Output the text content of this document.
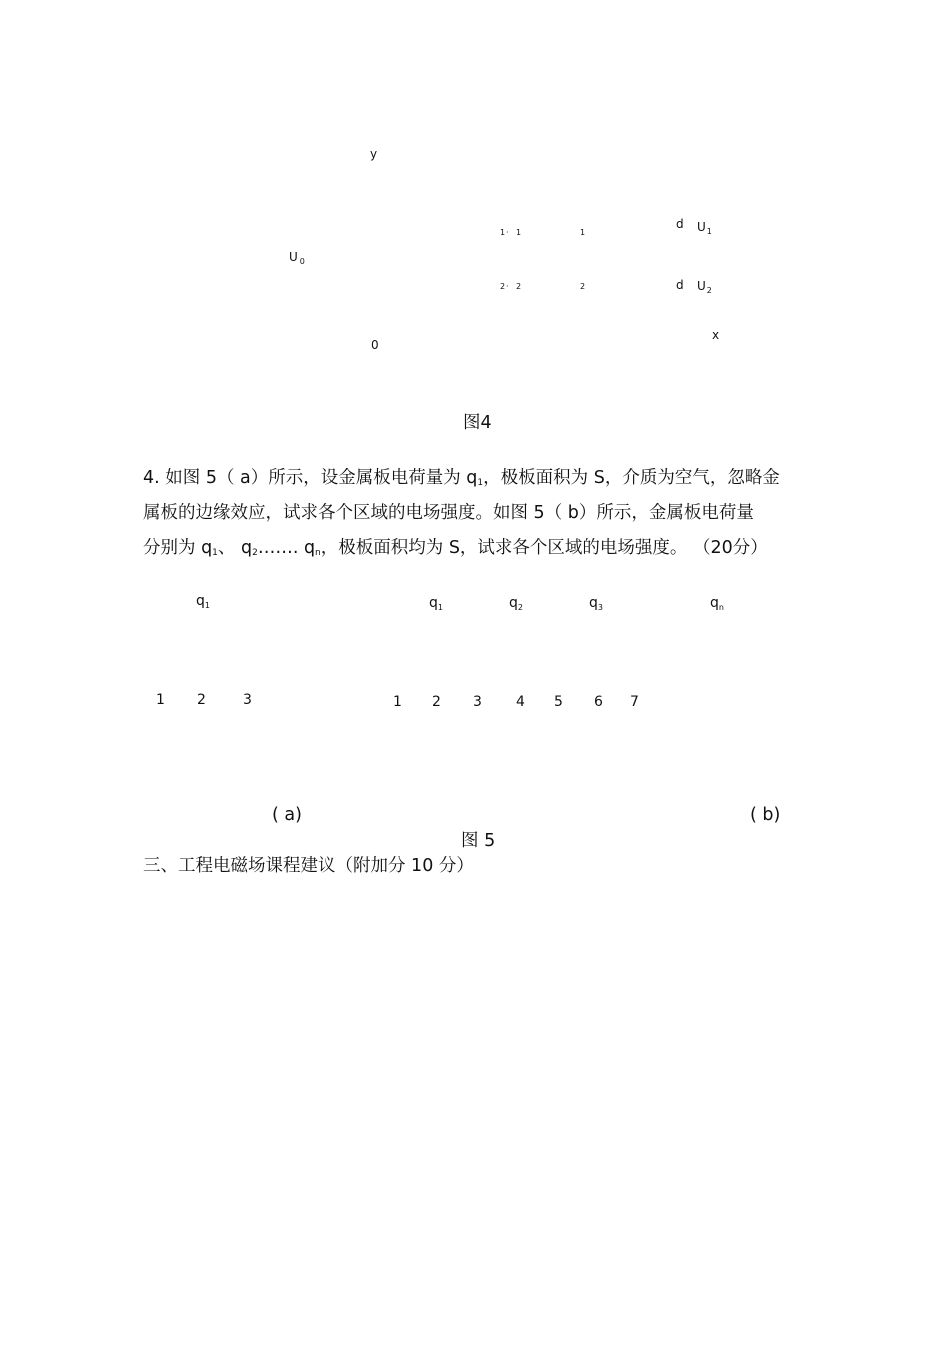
y
U $_0$
0
x
1 · 1	1
2 · 2	2
d $U_1$
d $U_2$
图4
4. 如图 5（ a）所示，设金属板电荷量为 q1，极板面积为 S，介质为空气，忽略金
属板的边缘效应，试求各个区域的电场强度。如图 5（ b）所示，金属板电荷量
分别为 q1、 q2……. qn，极板面积均为 S，试求各个区域的电场强度。 （20分）
$q_1$
1 2	3
$q_1$	$q_2$	$q_3$	$q_n$
1 2 3 4 5 6 7
( a)	( b)
图 5
三、工程电磁场课程建议（附加分 10 分）
